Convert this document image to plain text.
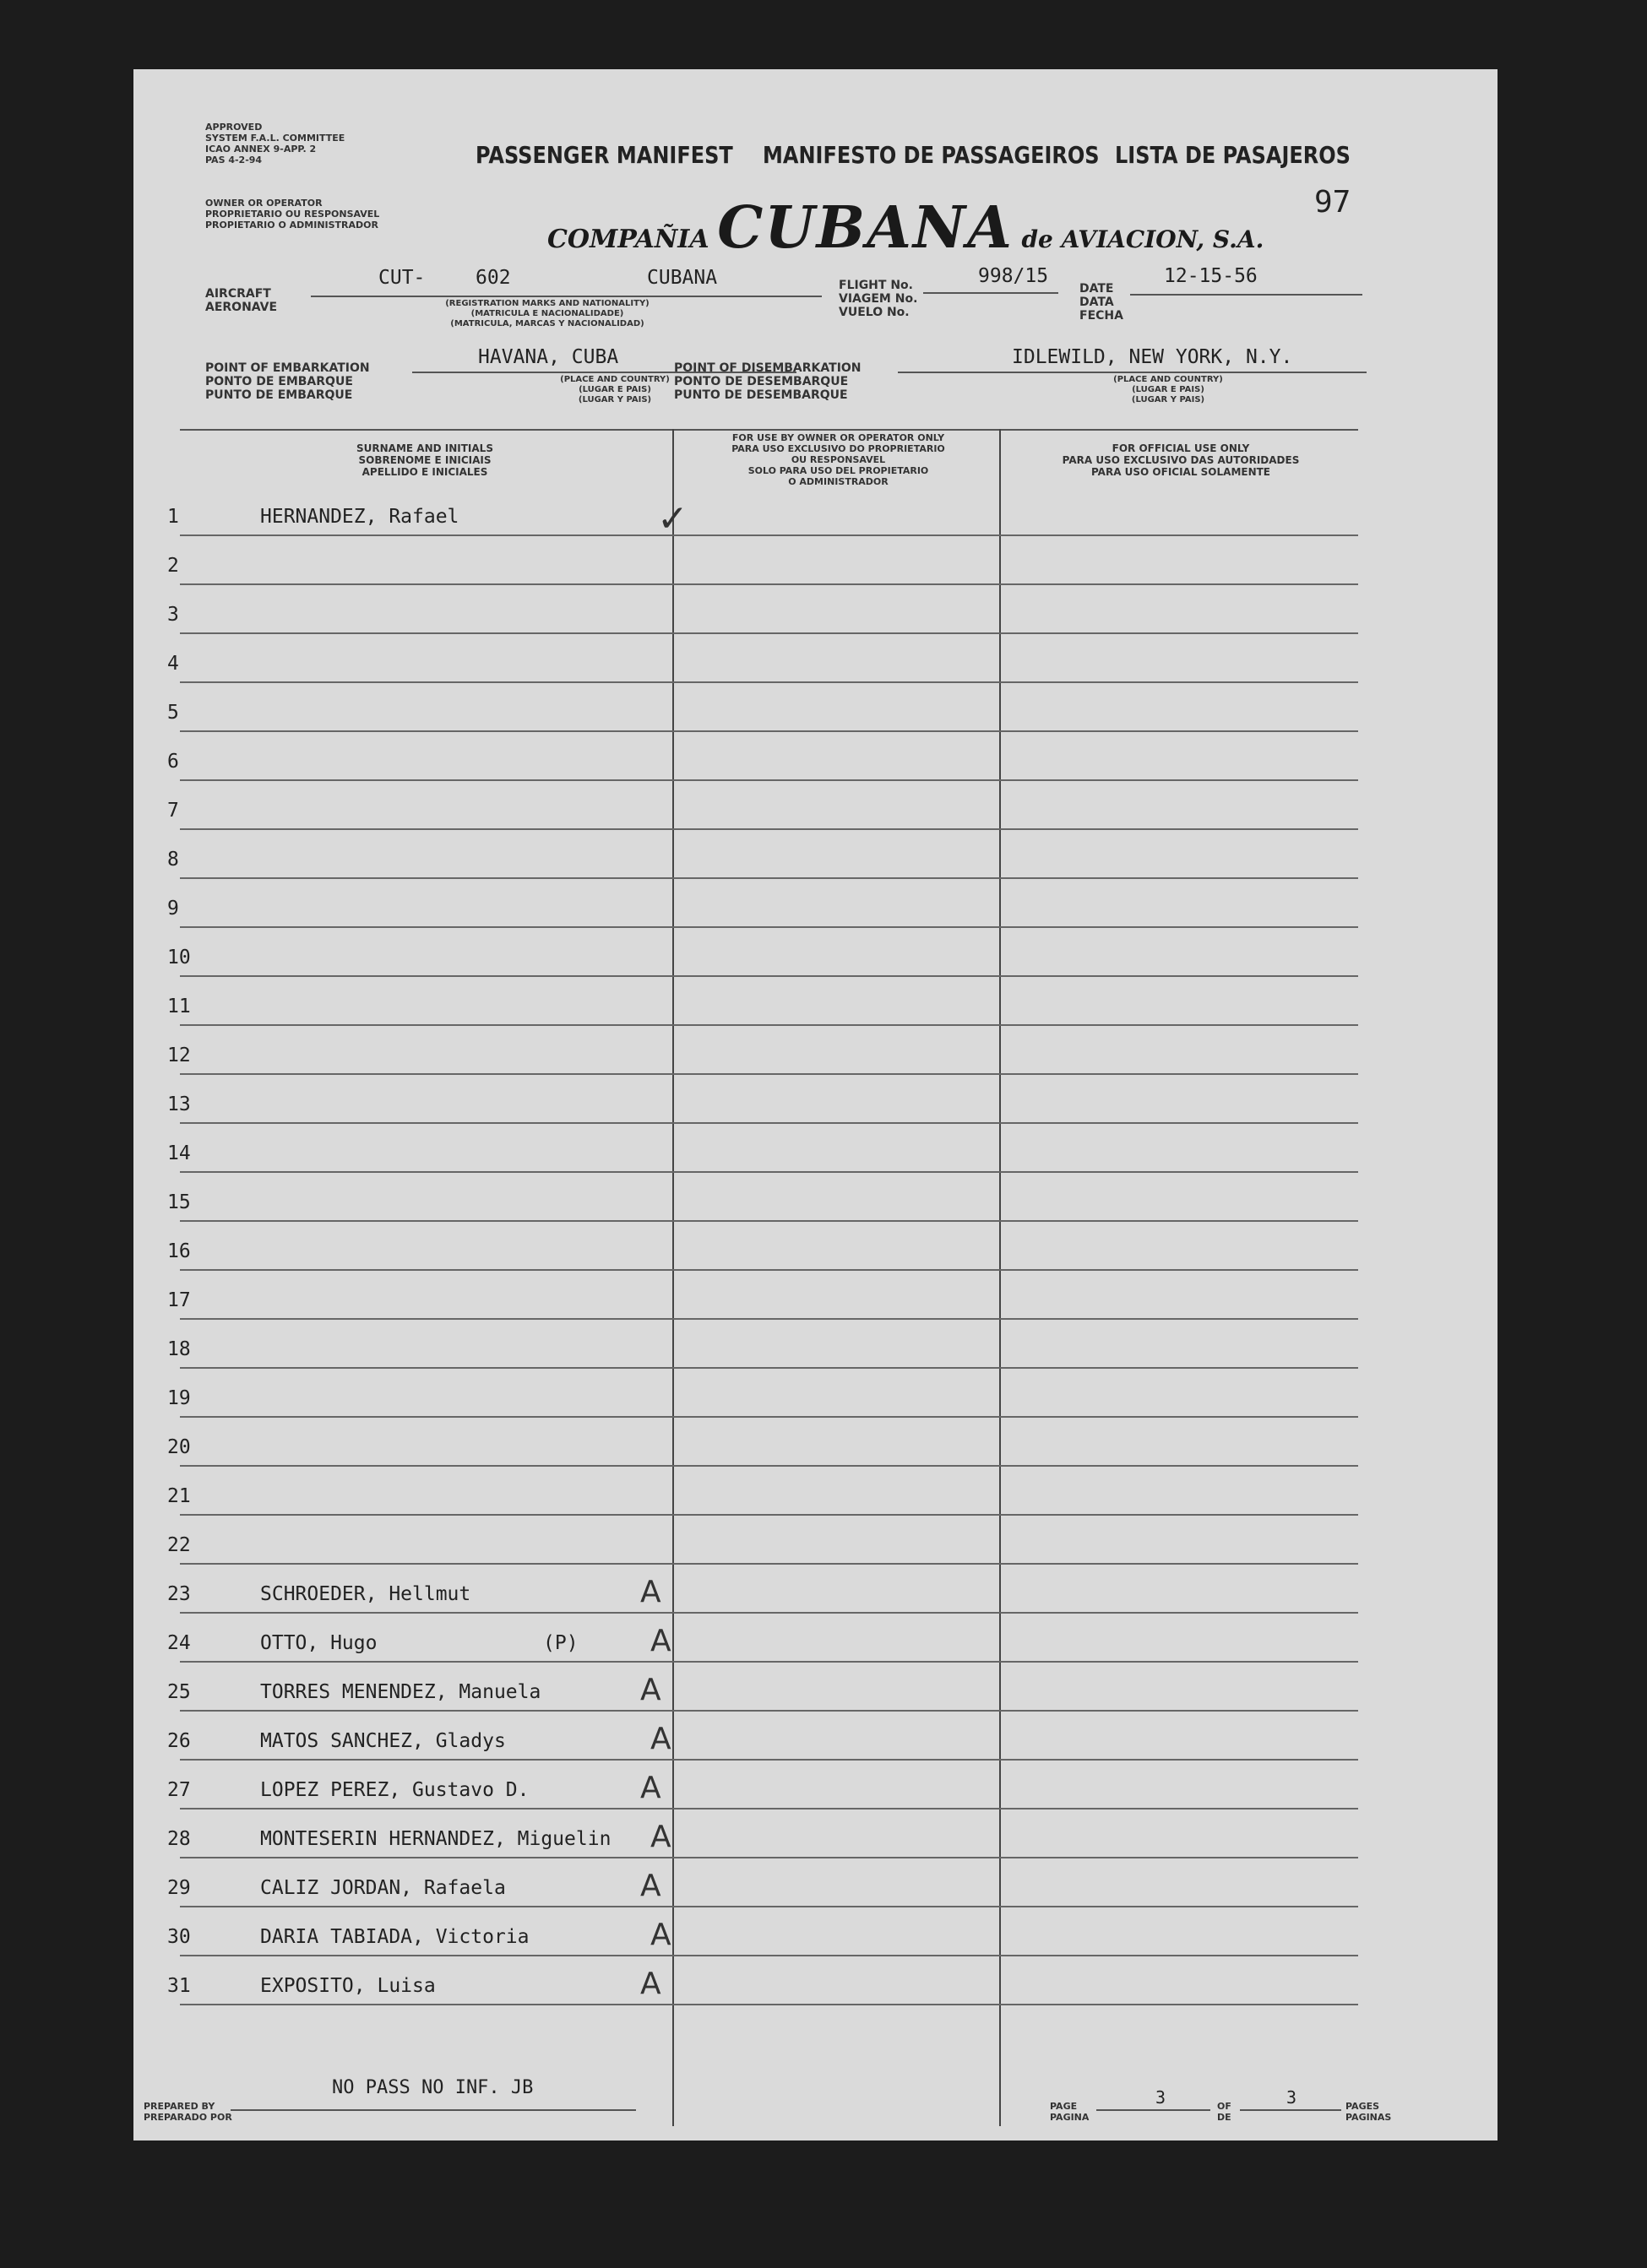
APPROVED
SYSTEM F.A.L. COMMITTEE
ICAO ANNEX 9-APP. 2
PAS 4-2-94	PASSENGER MANIFEST MANIFESTO DE PASSAGEIROS LISTA DE PASAJEROS
OWNER OR OPERATOR
PROPRIETARIO OU RESPONSAVEL
PROPIETARIO O ADMINISTRADOR	COMPAÑIA CUBANA de AVIACION, S.A.
97
AIRCRAFT
AERONAVE
CUT-	602	CUBANA
(REGISTRATION MARKS AND NATIONALITY)
(MATRICULA E NACIONALIDADE)
(MATRICULA, MARCAS Y NACIONALIDAD)
FLIGHT No.
VIAGEM No.
VUELO No.
998/15
DATE
DATA
FECHA
12-15-56
POINT OF EMBARKATION
PONTO DE EMBARQUE
PUNTO DE EMBARQUE
HAVANA, CUBA
(PLACE AND COUNTRY)
(LUGAR E PAIS)
(LUGAR Y PAIS)
POINT OF DISEMBARKATION
PONTO DE DESEMBARQUE
PUNTO DE DESEMBARQUE
IDLEWILD, NEW YORK, N.Y.
(PLACE AND COUNTRY)
(LUGAR E PAIS)
(LUGAR Y PAIS)
SURNAME AND INITIALS
SOBRENOME E INICIAIS
APELLIDO E INICIALES
FOR USE BY OWNER OR OPERATOR ONLY
PARA USO EXCLUSIVO DO PROPRIETARIO
OU RESPONSAVEL
SOLO PARA USO DEL PROPIETARIO
O ADMINISTRADOR
FOR OFFICIAL USE ONLY
PARA USO EXCLUSIVO DAS AUTORIDADES
PARA USO OFICIAL SOLAMENTE
1	HERNANDEZ, Rafael	✓
2
3
4
5
6
7
8
9
10
11
12
13
14
15
16
17
18
19
20
21
22
23	SCHROEDER, Hellmut	A
24	OTTO, Hugo	(P) A
25	TORRES MENENDEZ, Manuela	A
26	MATOS SANCHEZ, Gladys	A
27	LOPEZ PEREZ, Gustavo D.	A
28	MONTESERIN HERNANDEZ, Miguelin A
29	CALIZ JORDAN, Rafaela	A
30	DARIA TABIADA, Victoria	A
31	EXPOSITO, Luisa	A
NO PASS NO INF. JB
PREPARED BY
PREPARADO POR
PAGE
PAGINA
3	OF
DE
3	PAGES
PAGINAS
